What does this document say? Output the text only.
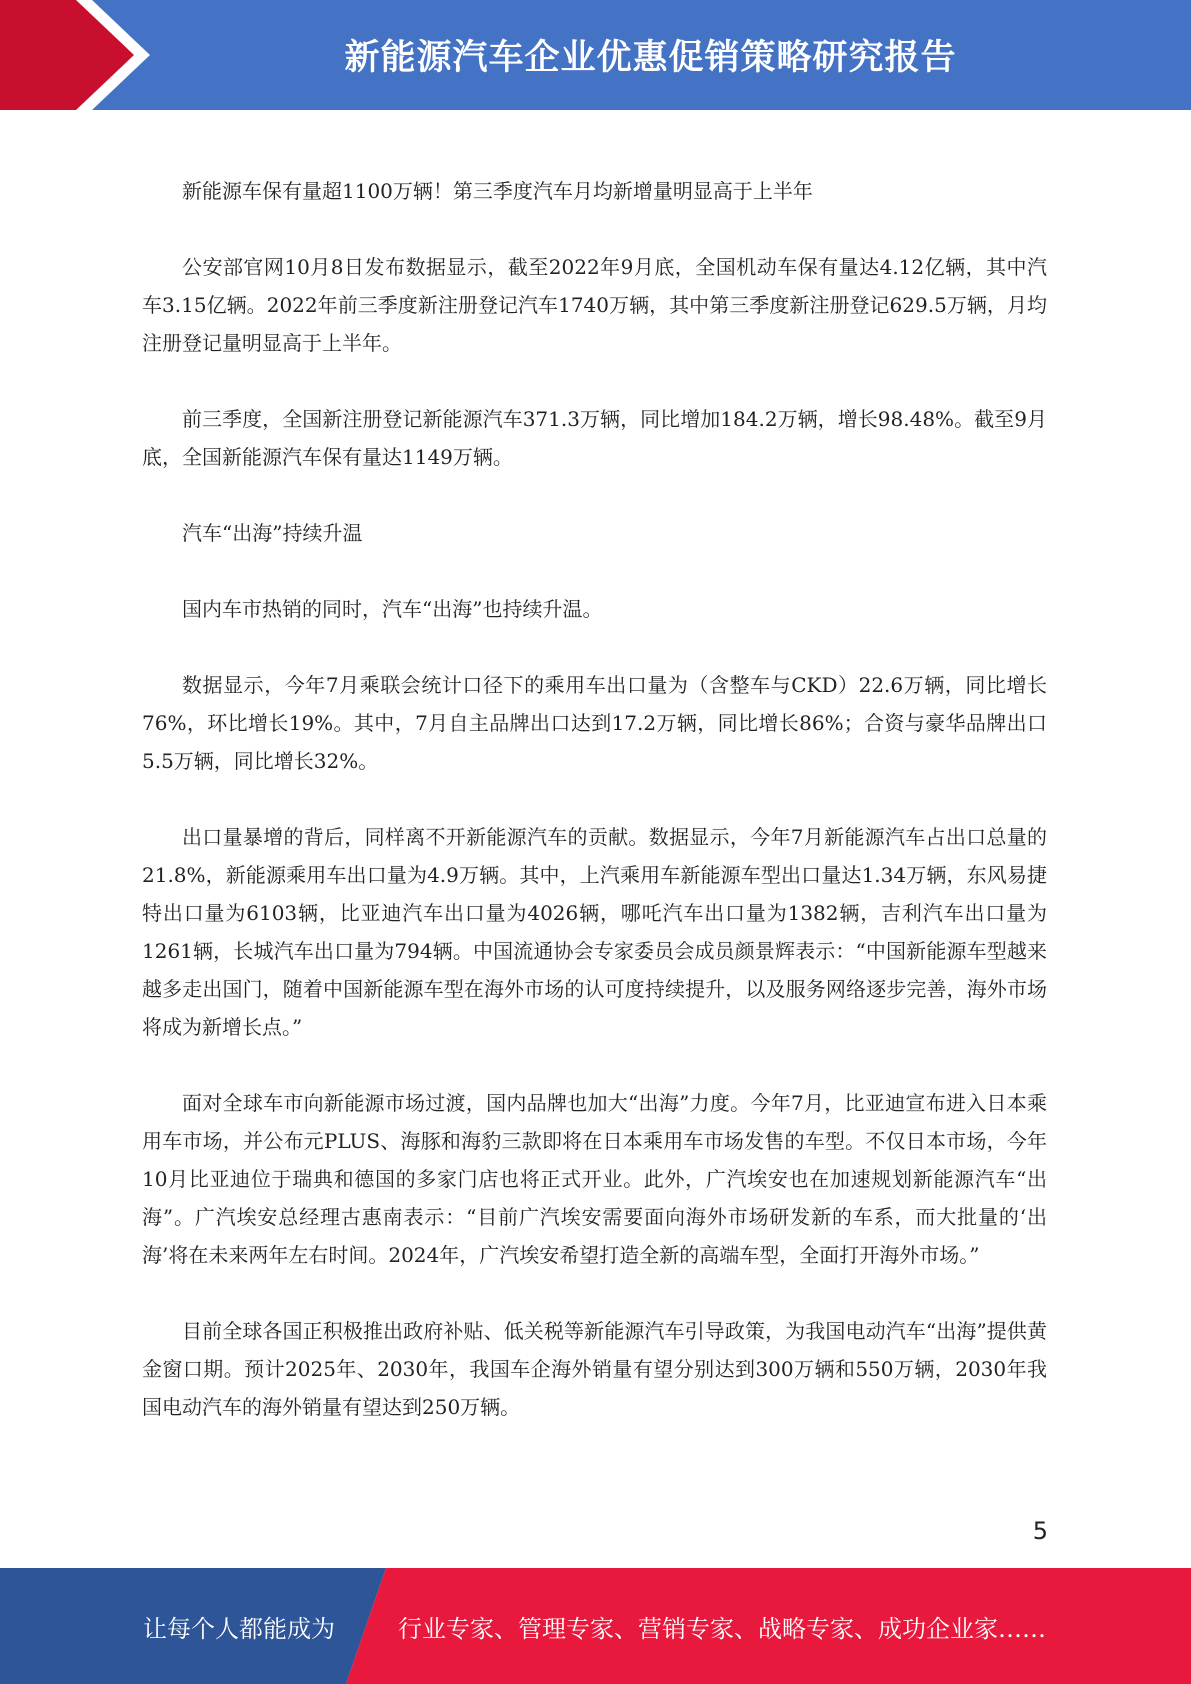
新能源汽车企业优惠促销策略研究报告

新能源车保有量超1100万辆！第三季度汽车月均新增量明显高于上半年

公安部官网10月8日发布数据显示，截至2022年9月底，全国机动车保有量达4.12亿辆，其中汽车3.15亿辆。2022年前三季度新注册登记汽车1740万辆，其中第三季度新注册登记629.5万辆，月均注册登记量明显高于上半年。

前三季度，全国新注册登记新能源汽车371.3万辆，同比增加184.2万辆，增长98.48%。截至9月底，全国新能源汽车保有量达1149万辆。

汽车“出海”持续升温

国内车市热销的同时，汽车“出海”也持续升温。

数据显示，今年7月乘联会统计口径下的乘用车出口量为（含整车与CKD）22.6万辆，同比增长76%，环比增长19%。其中，7月自主品牌出口达到17.2万辆，同比增长86%；合资与豪华品牌出口5.5万辆，同比增长32%。

出口量暴增的背后，同样离不开新能源汽车的贡献。数据显示，今年7月新能源汽车占出口总量的21.8%，新能源乘用车出口量为4.9万辆。其中，上汽乘用车新能源车型出口量达1.34万辆，东风易捷特出口量为6103辆，比亚迪汽车出口量为4026辆，哪吒汽车出口量为1382辆，吉利汽车出口量为1261辆，长城汽车出口量为794辆。中国流通协会专家委员会成员颜景辉表示：“中国新能源车型越来越多走出国门，随着中国新能源车型在海外市场的认可度持续提升，以及服务网络逐步完善，海外市场将成为新增长点。”

面对全球车市向新能源市场过渡，国内品牌也加大“出海”力度。今年7月，比亚迪宣布进入日本乘用车市场，并公布元PLUS、海豚和海豹三款即将在日本乘用车市场发售的车型。不仅日本市场，今年10月比亚迪位于瑞典和德国的多家门店也将正式开业。此外，广汽埃安也在加速规划新能源汽车“出海”。广汽埃安总经理古惠南表示：“目前广汽埃安需要面向海外市场研发新的车系，而大批量的‘出海’将在未来两年左右时间。2024年，广汽埃安希望打造全新的高端车型，全面打开海外市场。”

目前全球各国正积极推出政府补贴、低关税等新能源汽车引导政策，为我国电动汽车“出海”提供黄金窗口期。预计2025年、2030年，我国车企海外销量有望分别达到300万辆和550万辆，2030年我国电动汽车的海外销量有望达到250万辆。

5
让每个人都能成为	行业专家、管理专家、营销专家、战略专家、成功企业家……
